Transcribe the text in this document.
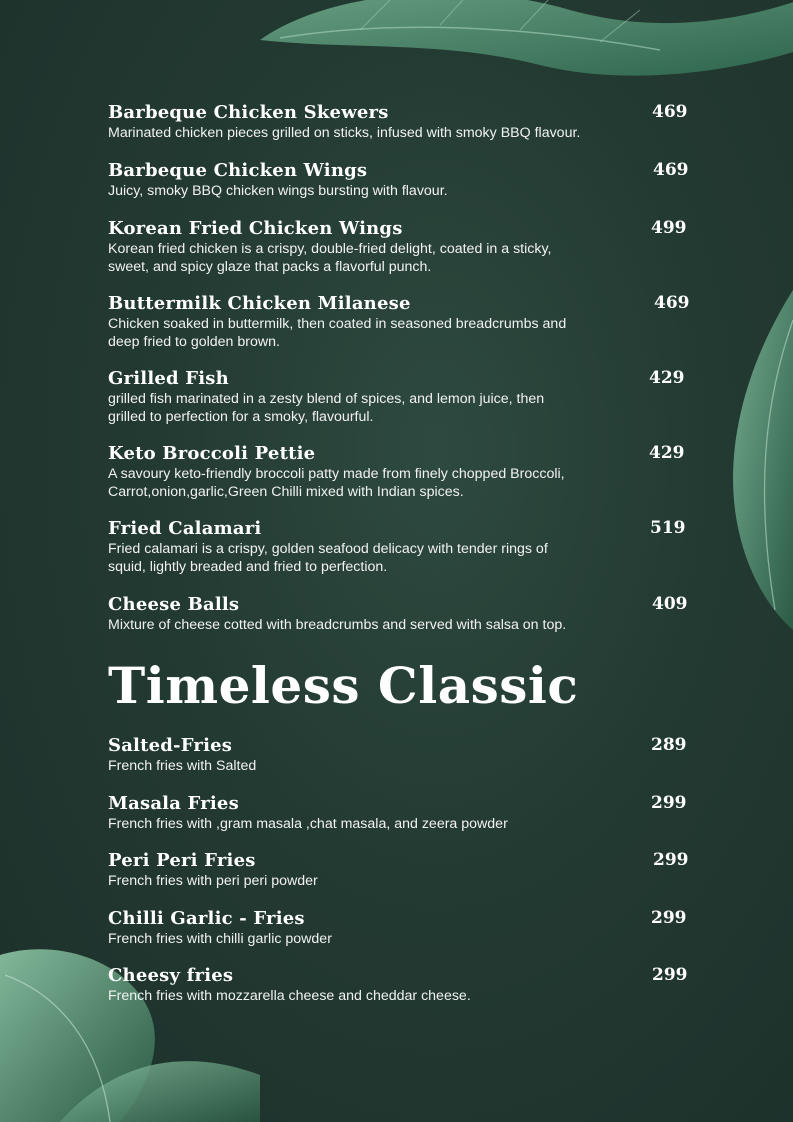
Barbeque Chicken Skewers	469
Marinated chicken pieces grilled on sticks, infused with smoky BBQ flavour.
Barbeque Chicken Wings	469
Juicy, smoky BBQ chicken wings bursting with flavour.
Korean Fried Chicken Wings	499
Korean fried chicken is a crispy, double-fried delight, coated in a sticky, sweet, and spicy glaze that packs a flavorful punch.
Buttermilk Chicken Milanese	469
Chicken soaked in buttermilk, then coated in seasoned breadcrumbs and deep fried to golden brown.
Grilled Fish	429
grilled fish marinated in a zesty blend of spices, and lemon juice, then grilled to perfection for a smoky, flavourful.
Keto Broccoli Pettie	429
A savoury keto-friendly broccoli patty made from finely chopped Broccoli, Carrot,onion,garlic,Green Chilli mixed with Indian spices.
Fried Calamari	519
Fried calamari is a crispy, golden seafood delicacy with tender rings of squid, lightly breaded and fried to perfection.
Cheese Balls	409
Mixture of cheese cotted with breadcrumbs and served with salsa on top.
Timeless Classic
Salted-Fries	289
French fries with Salted
Masala Fries	299
French fries with ,gram masala ,chat masala, and zeera powder
Peri Peri Fries	299
French fries with peri peri powder
Chilli Garlic - Fries	299
French fries with chilli garlic powder
Cheesy fries	299
French fries with mozzarella cheese and cheddar cheese.
